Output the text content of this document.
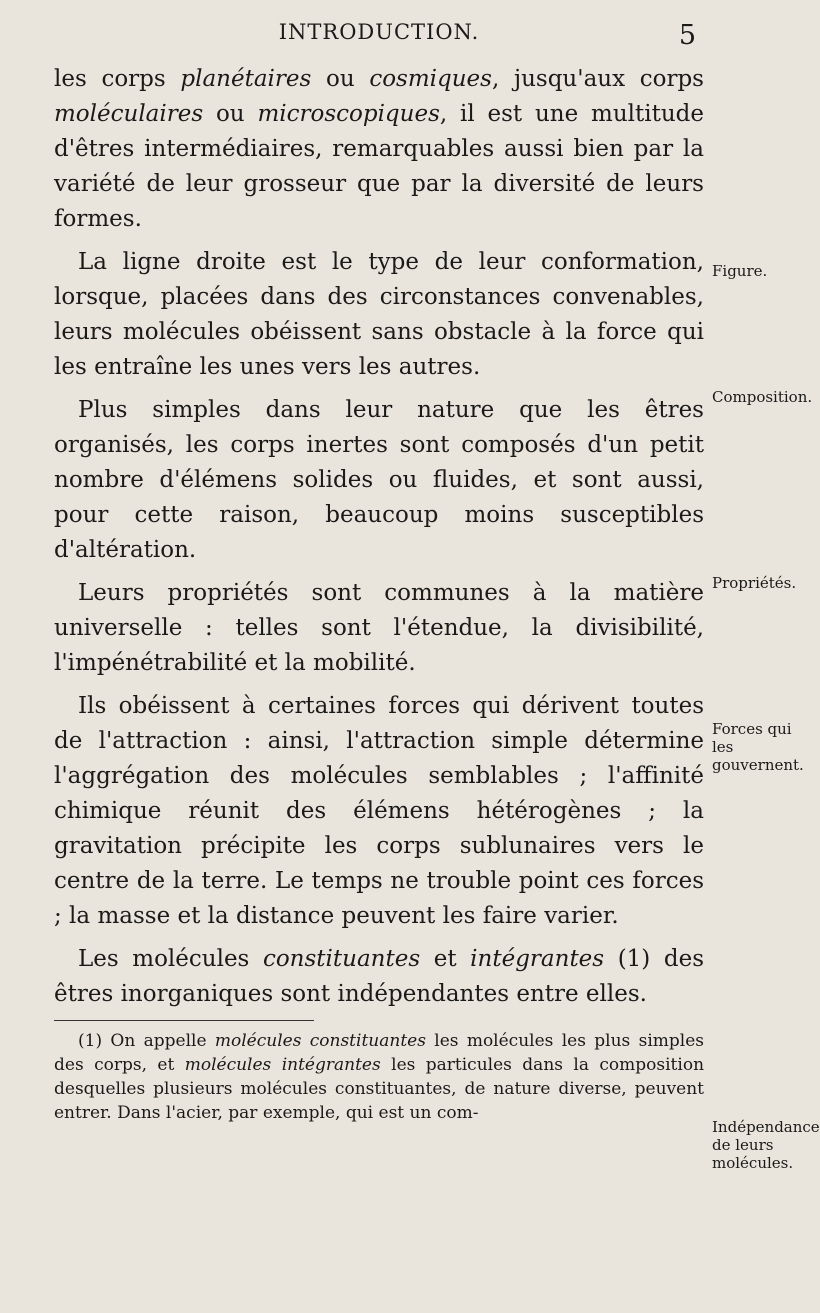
INTRODUCTION.	5

les corps planétaires ou cosmiques, jusqu'aux corps moléculaires ou microscopiques, il est une multitude d'êtres intermédiaires, remarquables aussi bien par la variété de leur grosseur que par la diversité de leurs formes.

La ligne droite est le type de leur conformation, lorsque, placées dans des circonstances convenables, leurs molécules obéissent sans obstacle à la force qui les entraîne les unes vers les autres.

Plus simples dans leur nature que les êtres organisés, les corps inertes sont composés d'un petit nombre d'élémens solides ou fluides, et sont aussi, pour cette raison, beaucoup moins susceptibles d'altération.

Leurs propriétés sont communes à la matière universelle : telles sont l'étendue, la divisibilité, l'impénétrabilité et la mobilité.

Ils obéissent à certaines forces qui dérivent toutes de l'attraction : ainsi, l'attraction simple détermine l'aggrégation des molécules semblables ; l'affinité chimique réunit des élémens hétérogènes ; la gravitation précipite les corps sublunaires vers le centre de la terre. Le temps ne trouble point ces forces ; la masse et la distance peuvent les faire varier.

Les molécules constituantes et intégrantes (1) des êtres inorganiques sont indépendantes entre elles.

(1) On appelle molécules constituantes les molécules les plus simples des corps, et molécules intégrantes les particules dans la composition desquelles plusieurs molécules constituantes, de nature diverse, peuvent entrer. Dans l'acier, par exemple, qui est un com-

Figure.
Composition.
Propriétés.
Forces qui les gouvernent.
Indépendance de leurs molécules.
